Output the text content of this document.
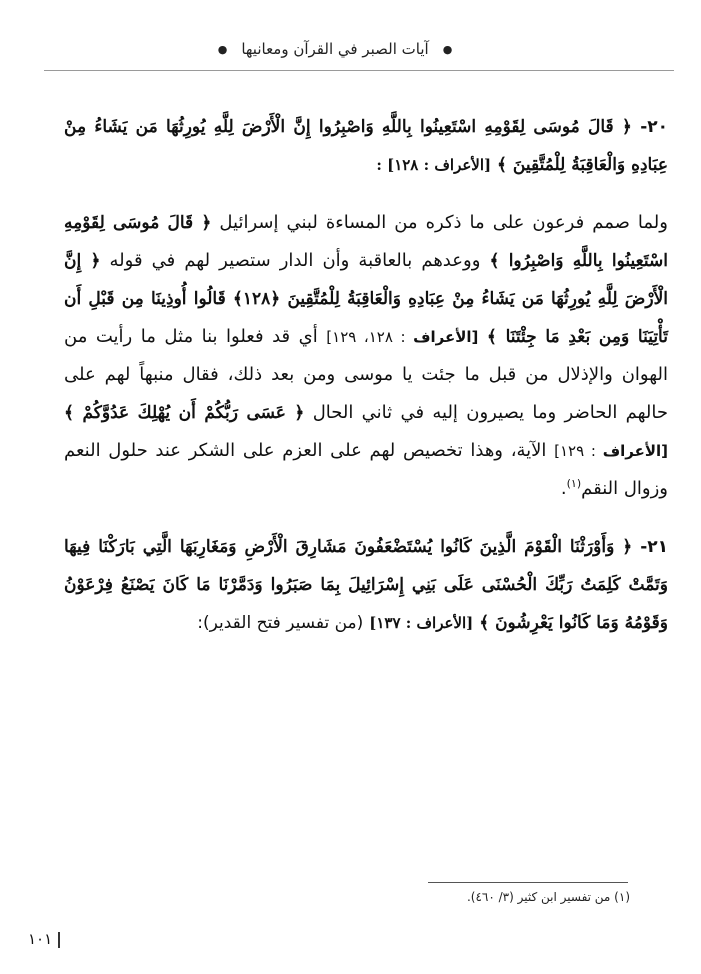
●
آيات الصبر في القرآن ومعانيها
●

٢٠- ﴿ قَالَ مُوسَى لِقَوْمِهِ اسْتَعِينُوا بِاللَّهِ وَاصْبِرُوا إِنَّ الْأَرْضَ لِلَّهِ يُورِثُهَا مَن يَشَاءُ مِنْ عِبَادِهِ وَالْعَاقِبَةُ لِلْمُتَّقِينَ ﴾ [الأعراف : ١٢٨] :

ولما صمم فرعون على ما ذكره من المساءة لبني إسرائيل ﴿ قَالَ مُوسَى لِقَوْمِهِ اسْتَعِينُوا بِاللَّهِ وَاصْبِرُوا ﴾ ووعدهم بالعاقبة وأن الدار ستصير لهم في قوله ﴿ إِنَّ الْأَرْضَ لِلَّهِ يُورِثُهَا مَن يَشَاءُ مِنْ عِبَادِهِ وَالْعَاقِبَةُ لِلْمُتَّقِينَ ﴿١٢٨﴾ قَالُوا أُوذِينَا مِن قَبْلِ أَن تَأْتِيَنَا وَمِن بَعْدِ مَا جِئْتَنَا ﴾ [الأعراف : ١٢٨، ١٢٩] أي قد فعلوا بنا مثل ما رأيت من الهوان والإذلال من قبل ما جئت يا موسى ومن بعد ذلك، فقال منبهاً لهم على حالهم الحاضر وما يصيرون إليه في ثاني الحال ﴿ عَسَى رَبُّكُمْ أَن يُهْلِكَ عَدُوَّكُمْ ﴾ [الأعراف : ١٢٩] الآية، وهذا تخصيص لهم على العزم على الشكر عند حلول النعم وزوال النقم$^{(١)}$.

٢١- ﴿ وَأَوْرَثْنَا الْقَوْمَ الَّذِينَ كَانُوا يُسْتَضْعَفُونَ مَشَارِقَ الْأَرْضِ وَمَغَارِبَهَا الَّتِي بَارَكْنَا فِيهَا وَتَمَّتْ كَلِمَتُ رَبِّكَ الْحُسْنَى عَلَى بَنِي إِسْرَائِيلَ بِمَا صَبَرُوا وَدَمَّرْنَا مَا كَانَ يَصْنَعُ فِرْعَوْنُ وَقَوْمُهُ وَمَا كَانُوا يَعْرِشُونَ ﴾ [الأعراف : ١٣٧] (من تفسير فتح القدير):

(١) من تفسير ابن كثير (٣/ ٤٦٠).
١٠١
